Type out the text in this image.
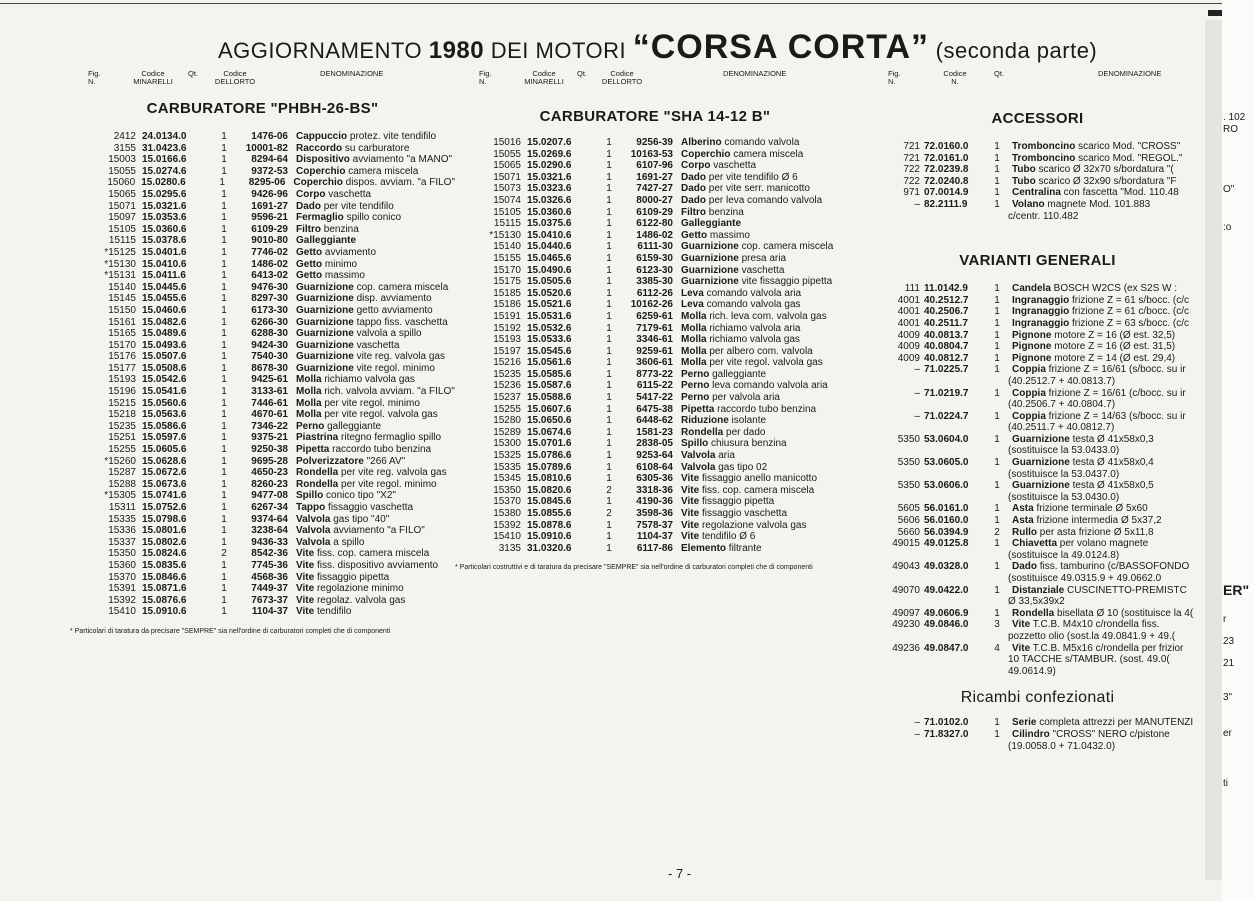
AGGIORNAMENTO 1980 DEI MOTORI “CORSA CORTA” (seconda parte)
Fig. N.
Codice MINARELLI
Qt.	Codice DELLORTO
DENOMINAZIONE
CARBURATORE "PHBH-26-BS"
2412 24.0134.0	1	1476-06 Cappuccio protez. vite tendifilo
3155 31.0423.6	1	10001-82 Raccordo su carburatore
15003 15.0166.6	1	8294-64 Dispositivo avviamento "a MANO"
15055 15.0274.6	1	9372-53 Coperchio camera miscela
15060 15.0280.6	1	8295-06 Coperchio dispos. avviam. "a FILO"
15065 15.0295.6	1	9426-96 Corpo vaschetta
15071 15.0321.6	1	1691-27 Dado per vite tendifilo
15097 15.0353.6	1	9596-21 Fermaglio spillo conico
15105 15.0360.6	1	6109-29 Filtro benzina
15115 15.0378.6	1	9010-80 Galleggiante
*15125 15.0401.6	1	7746-02 Getto avviamento
*15130 15.0410.6	1	1486-02 Getto minimo
*15131 15.0411.6	1	6413-02 Getto massimo
15140 15.0445.6	1	9476-30 Guarnizione cop. camera miscela
15145 15.0455.6	1	8297-30 Guarnizione disp. avviamento
15150 15.0460.6	1	6173-30 Guarnizione getto avviamento
15161 15.0482.6	1	6266-30 Guarnizione tappo fiss. vaschetta
15165 15.0489.6	1	6288-30 Guarnizione valvola a spillo
15170 15.0493.6	1	9424-30 Guarnizione vaschetta
15176 15.0507.6	1	7540-30 Guarnizione vite reg. valvola gas
15177 15.0508.6	1	8678-30 Guarnizione vite regol. minimo
15193 15.0542.6	1	9425-61 Molla richiamo valvola gas
15196 15.0541.6	1	3133-61 Molla rich. valvola avviam. "a FILO"
15215 15.0560.6	1	7446-61 Molla per vite regol. minimo
15218 15.0563.6	1	4670-61 Molla per vite regol. valvola gas
15235 15.0586.6	1	7346-22 Perno galleggiante
15251 15.0597.6	1	9375-21 Piastrina ritegno fermaglio spillo
15255 15.0605.6	1	9250-38 Pipetta raccordo tubo benzina
*15260 15.0628.6	1	9695-28 Polverizzatore "266 AV"
15287 15.0672.6	1	4650-23 Rondella per vite reg. valvola gas
15288 15.0673.6	1	8260-23 Rondella per vite regol. minimo
*15305 15.0741.6	1	9477-08 Spillo conico tipo "X2"
15311 15.0752.6	1	6267-34 Tappo fissaggio vaschetta
15335 15.0798.6	1	9374-64 Valvola gas tipo "40"
15336 15.0801.6	1	3238-64 Valvola avviamento "a FILO"
15337 15.0802.6	1	9436-33 Valvola a spillo
15350 15.0824.6	2	8542-36 Vite fiss. cop. camera miscela
15360 15.0835.6	1	7745-36 Vite fiss. dispositivo avviamento
15370 15.0846.6	1	4568-36 Vite fissaggio pipetta
15391 15.0871.6	1	7449-37 Vite regolazione minimo
15392 15.0876.6	1	7673-37 Vite regolaz. valvola gas
15410 15.0910.6	1	1104-37 Vite tendifilo
* Particolari di taratura da precisare "SEMPRE" sia nell'ordine di carburatori completi che di componenti
Fig. N.
Codice MINARELLI
Qt.	Codice DELLORTO
DENOMINAZIONE
CARBURATORE "SHA 14-12 B"
15016 15.0207.6	1	9256-39 Alberino comando valvola
15055 15.0269.6	1	10163-53 Coperchio camera miscela
15065 15.0290.6	1	6107-96 Corpo vaschetta
15071 15.0321.6	1	1691-27 Dado per vite tendifilo Ø 6
15073 15.0323.6	1	7427-27 Dado per vite serr. manicotto
15074 15.0326.6	1	8000-27 Dado per leva comando valvola
15105 15.0360.6	1	6109-29 Filtro benzina
15115 15.0375.6	1	6122-80 Galleggiante
*15130 15.0410.6	1	1486-02 Getto massimo
15140 15.0440.6	1	6111-30 Guarnizione cop. camera miscela
15155 15.0465.6	1	6159-30 Guarnizione presa aria
15170 15.0490.6	1	6123-30 Guarnizione vaschetta
15175 15.0505.6	1	3385-30 Guarnizione vite fissaggio pipetta
15185 15.0520.6	1	6112-26 Leva comando valvola aria
15186 15.0521.6	1	10162-26 Leva comando valvola gas
15191 15.0531.6	1	6259-61 Molla rich. leva com. valvola gas
15192 15.0532.6	1	7179-61 Molla richiamo valvola aria
15193 15.0533.6	1	3346-61 Molla richiamo valvola gas
15197 15.0545.6	1	9259-61 Molla per albero com. valvola
15216 15.0561.6	1	3606-61 Molla per vite regol. valvola gas
15235 15.0585.6	1	8773-22 Perno galleggiante
15236 15.0587.6	1	6115-22 Perno leva comando valvola aria
15237 15.0588.6	1	5417-22 Perno per valvola aria
15255 15.0607.6	1	6475-38 Pipetta raccordo tubo benzina
15280 15.0650.6	1	6448-62 Riduzione isolante
15289 15.0674.6	1	1581-23 Rondella per dado
15300 15.0701.6	1	2838-05 Spillo chiusura benzina
15325 15.0786.6	1	9253-64 Valvola aria
15335 15.0789.6	1	6108-64 Valvola gas tipo 02
15345 15.0810.6	1	6305-36 Vite fissaggio anello manicotto
15350 15.0820.6	2	3318-36 Vite fiss. cop. camera miscela
15370 15.0845.6	1	4190-36 Vite fissaggio pipetta
15380 15.0855.6	2	3598-36 Vite fissaggio vaschetta
15392 15.0878.6	1	7578-37 Vite regolazione valvola gas
15410 15.0910.6	1	1104-37 Vite tendifilo Ø 6
3135 31.0320.6	1	6117-86 Elemento filtrante
* Particolari costruttivi e di taratura da precisare "SEMPRE" sia nell'ordine di carburatori completi che di componenti
Fig. N.
Codice N.
Qt.	DENOMINAZIONE
ACCESSORI
721 72.0160.0	1	Tromboncino scarico Mod. "CROSS"
721 72.0161.0	1	Tromboncino scarico Mod. "REGOL."
722 72.0239.8	1	Tubo scarico Ø 32x70 s/bordatura "(
722 72.0240.8	1	Tubo scarico Ø 32x90 s/bordatura "F
971 07.0014.9	1	Centralina con fascetta "Mod. 110.48
– 82.2111.9	1	Volano magnete Mod. 101.883
c/centr. 110.482
VARIANTI GENERALI
111 11.0142.9	1	Candela BOSCH W2CS (ex S2S W :
4001 40.2512.7	1	Ingranaggio frizione Z = 61 s/bocc. (c/c
4001 40.2506.7	1	Ingranaggio frizione Z = 61 c/bocc. (c/c
4001 40.2511.7	1	Ingranaggio frizione Z = 63 s/bocc. (c/c
4009 40.0813.7	1	Pignone motore Z = 16 (Ø est. 32,5)
4009 40.0804.7	1	Pignone motore Z = 16 (Ø est. 31,5)
4009 40.0812.7	1	Pignone motore Z = 14 (Ø est. 29,4)
– 71.0225.7	1	Coppia frizione Z = 16/61 (s/bocc. su ir
(40.2512.7 + 40.0813.7)
– 71.0219.7	1	Coppia frizione Z = 16/61 (c/bocc. su ir
(40.2506.7 + 40.0804.7)
– 71.0224.7	1	Coppia frizione Z = 14/63 (s/bocc. su ir
(40.2511.7 + 40.0812.7)
5350 53.0604.0	1	Guarnizione testa Ø 41x58x0,3
(sostituisce la 53.0433.0)
5350 53.0605.0	1	Guarnizione testa Ø 41x58x0,4
(sostituisce la 53.0437.0)
5350 53.0606.0	1	Guarnizione testa Ø 41x58x0,5
(sostituisce la 53.0430.0)
5605 56.0161.0	1	Asta frizione terminale Ø 5x60
5606 56.0160.0	1	Asta frizione intermedia Ø 5x37,2
5660 56.0394.9	2	Rullo per asta frizione Ø 5x11,8
49015 49.0125.8	1	Chiavetta per volano magnete
(sostituisce la 49.0124.8)
49043 49.0328.0	1	Dado fiss. tamburino (c/BASSOFONDO
(sostituisce 49.0315.9 + 49.0662.0
49070 49.0422.0	1	Distanziale CUSCINETTO-PREMISTC
Ø 33,5x39x2
49097 49.0606.9	1	Rondella bisellata Ø 10 (sostituisce la 4(
49230 49.0846.0	3	Vite T.C.B. M4x10 c/rondella fiss.
pozzetto olio (sost.la 49.0841.9 + 49.(
49236 49.0847.0	4	Vite T.C.B. M5x16 c/rondella per frizior
10 TACCHE s/TAMBUR. (sost. 49.0(
49.0614.9)
Ricambi confezionati
– 71.0102.0	1	Serie completa attrezzi per MANUTENZI
– 71.8327.0	1	Cilindro "CROSS" NERO c/pistone
(19.0058.0 + 71.0432.0)
. 102
RO
O"
:o
ER"
r
23
21
3"
er
ti
- 7 -
